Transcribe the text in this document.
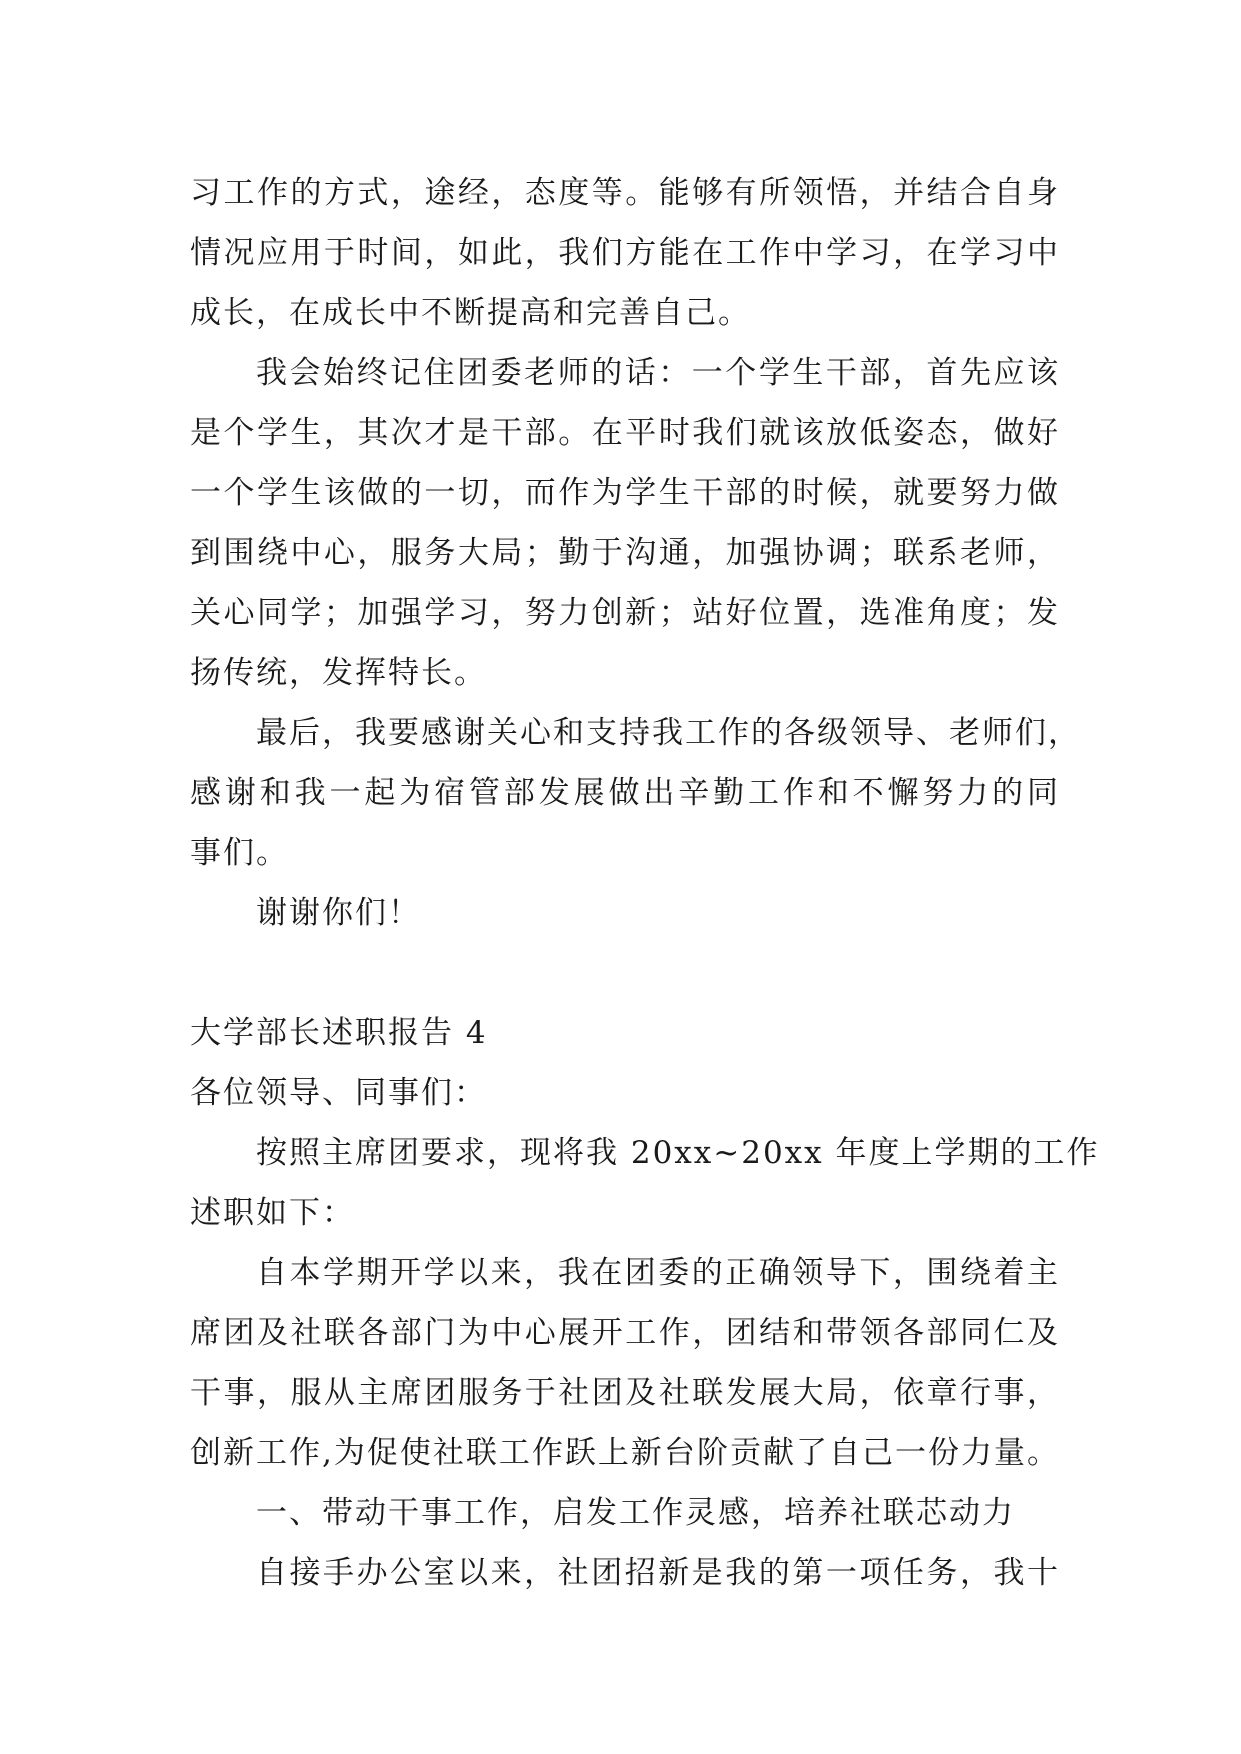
习工作的方式，途经，态度等。能够有所领悟，并结合自身
情况应用于时间，如此，我们方能在工作中学习，在学习中
成长，在成长中不断提高和完善自己。
我会始终记住团委老师的话：一个学生干部，首先应该
是个学生，其次才是干部。在平时我们就该放低姿态，做好
一个学生该做的一切，而作为学生干部的时候，就要努力做
到围绕中心，服务大局；勤于沟通，加强协调；联系老师，
关心同学；加强学习，努力创新；站好位置，选准角度；发
扬传统，发挥特长。
最后，我要感谢关心和支持我工作的各级领导、老师们，
感谢和我一起为宿管部发展做出辛勤工作和不懈努力的同
事们。
谢谢你们！
大学部长述职报告 4
各位领导、同事们：
按照主席团要求，现将我 20xx~20xx 年度上学期的工作
述职如下：
自本学期开学以来，我在团委的正确领导下，围绕着主
席团及社联各部门为中心展开工作，团结和带领各部同仁及
干事，服从主席团服务于社团及社联发展大局，依章行事，
创新工作,为促使社联工作跃上新台阶贡献了自己一份力量。
一、带动干事工作，启发工作灵感，培养社联芯动力
自接手办公室以来，社团招新是我的第一项任务，我十
